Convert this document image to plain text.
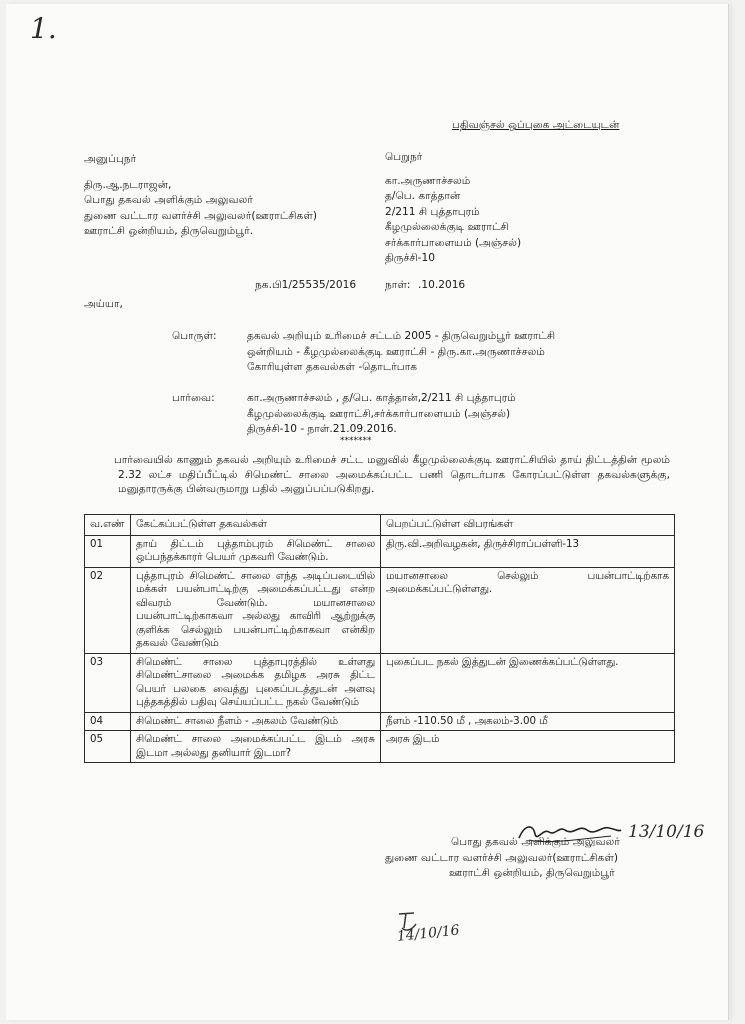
1.
பதிவஞ்சல் ஒப்புகை அட்டையுடன்
அனுப்புநர்
திரு.ஆ.நடராஜன்,
பொது தகவல் அளிக்கும் அலுவலர்
துணை வட்டார வளர்ச்சி அலுவலர்(ஊராட்சிகள்)
ஊராட்சி ஒன்றியம், திருவெறும்பூர்.
பெறுநர்
கா.அருணாச்சலம்
த/பெ. காத்தான்
2/211 சி புத்தாபுரம்
கீழமுல்லைக்குடி ஊராட்சி
சர்க்கார்பாளையம் (அஞ்சல்)
திருச்சி-10
நக.பி1/25535/2016	நாள்: .10.2016
அய்யா,
பொருள்:	தகவல் அறியும் உரிமைச் சட்டம் 2005 - திருவெறும்பூர் ஊராட்சி
ஒன்றியம் - கீழமுல்லைக்குடி ஊராட்சி - திரு.கா.அருணாச்சலம்
கோரியுள்ள தகவல்கள் -தொடர்பாக
பார்வை:	கா.அருணாச்சலம் , த/பெ. காத்தான்,2/211 சி புத்தாபுரம்
கீழமுல்லைக்குடி ஊராட்சி,சர்க்கார்பாளையம் (அஞ்சல்)
திருச்சி-10 - நாள்.21.09.2016.
*******
பார்வையில் காணும் தகவல் அறியும் உரிமைச் சட்ட மனுவில் கீழமுல்லைக்குடி ஊராட்சியில் தாய் திட்டத்தின் மூலம் 2.32 லட்ச மதிப்பீட்டில் சிமெண்ட் சாலை அமைக்கப்பட்ட பணி தொடர்பாக கோரப்பட்டுள்ள தகவல்களுக்கு, மனுதாரருக்கு பின்வருமாறு பதில் அனுப்பப்படுகிறது.
வ.எண்	கேட்கப்பட்டுள்ள தகவல்கள்	பெறப்பட்டுள்ள விபரங்கள்
01	தாய் திட்டம் புத்தாம்புரம் சிமெண்ட் சாலை ஒப்பந்தக்காரர் பெயர் முகவரி வேண்டும்.	திரு.வி.அறிவழகன், திருச்சிராப்பள்ளி-13
02	புத்தாபுரம் சிமெண்ட் சாலை எந்த அடிப்படையில் மக்கள் பயன்பாட்டிற்கு அமைக்கப்பட்டது என்ற விவரம் வேண்டும். மயானசாலை பயன்பாட்டிற்காகவா அல்லது காவிரி ஆற்றுக்கு குளிக்க செல்லும் பயன்பாட்டிற்காகவா என்கிற தகவல் வேண்டும்	மயானசாலை செல்லும் பயன்பாட்டிற்காக அமைக்கப்பட்டுள்ளது.
03	சிமெண்ட் சாலை புத்தாபுரத்தில் உள்ளது சிமெண்ட்சாலை அமைக்க தமிழக அரசு திட்ட பெயர் பலகை வைத்து புகைப்படத்துடன் அளவு புத்தகத்தில் பதிவு செய்யப்பட்ட நகல் வேண்டும்	புகைப்பட நகல் இத்துடன் இணைக்கப்பட்டுள்ளது.
04	சிமெண்ட் சாலை நீளம் - அகலம் வேண்டும்	நீளம் -110.50 மீ , அகலம்-3.00 மீ
05	சிமெண்ட் சாலை அமைக்கப்பட்ட இடம் அரசு இடமா அல்லது தனியார் இடமா?	அரசு இடம்
13/10/16
பொது தகவல் அளிக்கும் அலுவலர்
துணை வட்டார வளர்ச்சி அலுவலர்(ஊராட்சிகள்)
ஊராட்சி ஒன்றியம், திருவெறும்பூர்
14/10/16
